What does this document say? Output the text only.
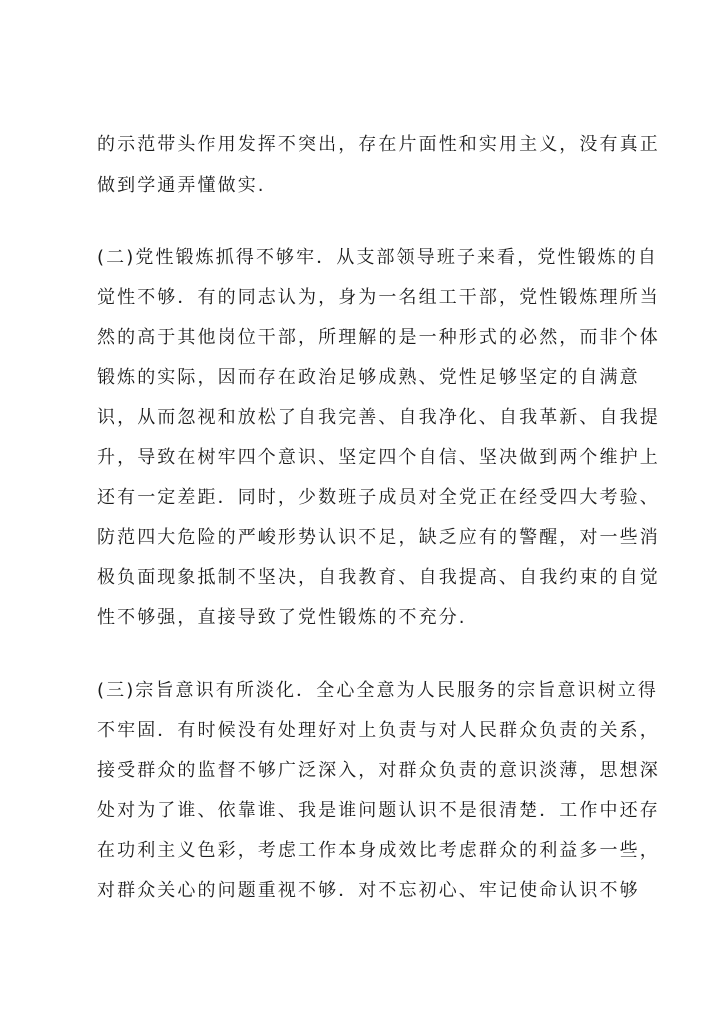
的示范带头作用发挥不突出，存在片面性和实用主义，没有真正
做到学通弄懂做实.
(二)党性锻炼抓得不够牢．从支部领导班子来看，党性锻炼的自
觉性不够．有的同志认为，身为一名组工干部，党性锻炼理所当
然的高于其他岗位干部，所理解的是一种形式的必然，而非个体
锻炼的实际，因而存在政治足够成熟、党性足够坚定的自满意
识，从而忽视和放松了自我完善、自我净化、自我革新、自我提
升，导致在树牢四个意识、坚定四个自信、坚决做到两个维护上
还有一定差距．同时，少数班子成员对全党正在经受四大考验、
防范四大危险的严峻形势认识不足，缺乏应有的警醒，对一些消
极负面现象抵制不坚决，自我教育、自我提高、自我约束的自觉
性不够强，直接导致了党性锻炼的不充分.
(三)宗旨意识有所淡化．全心全意为人民服务的宗旨意识树立得
不牢固．有时候没有处理好对上负责与对人民群众负责的关系，
接受群众的监督不够广泛深入，对群众负责的意识淡薄，思想深
处对为了谁、依靠谁、我是谁问题认识不是很清楚．工作中还存
在功利主义色彩，考虑工作本身成效比考虑群众的利益多一些，
对群众关心的问题重视不够．对不忘初心、牢记使命认识不够
